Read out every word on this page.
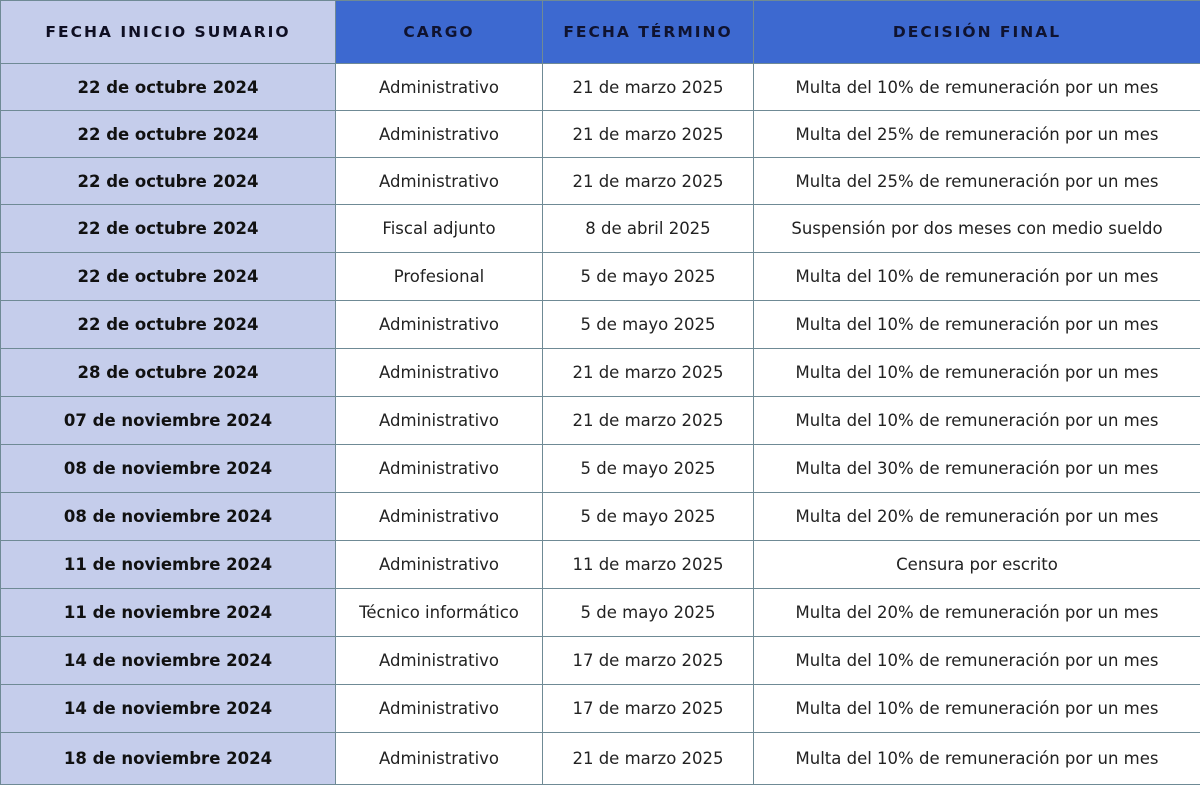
FECHA INICIO SUMARIO	CARGO	FECHA TÉRMINO	DECISIÓN FINAL
22 de octubre 2024	Administrativo	21 de marzo 2025	Multa del 10% de remuneración por un mes
22 de octubre 2024	Administrativo	21 de marzo 2025	Multa del 25% de remuneración por un mes
22 de octubre 2024	Administrativo	21 de marzo 2025	Multa del 25% de remuneración por un mes
22 de octubre 2024	Fiscal adjunto	8 de abril 2025	Suspensión por dos meses con medio sueldo
22 de octubre 2024	Profesional	5 de mayo 2025	Multa del 10% de remuneración por un mes
22 de octubre 2024	Administrativo	5 de mayo 2025	Multa del 10% de remuneración por un mes
28 de octubre 2024	Administrativo	21 de marzo 2025	Multa del 10% de remuneración por un mes
07 de noviembre 2024	Administrativo	21 de marzo 2025	Multa del 10% de remuneración por un mes
08 de noviembre 2024	Administrativo	5 de mayo 2025	Multa del 30% de remuneración por un mes
08 de noviembre 2024	Administrativo	5 de mayo 2025	Multa del 20% de remuneración por un mes
11 de noviembre 2024	Administrativo	11 de marzo 2025	Censura por escrito
11 de noviembre 2024	Técnico informático	5 de mayo 2025	Multa del 20% de remuneración por un mes
14 de noviembre 2024	Administrativo	17 de marzo 2025	Multa del 10% de remuneración por un mes
14 de noviembre 2024	Administrativo	17 de marzo 2025	Multa del 10% de remuneración por un mes
18 de noviembre 2024	Administrativo	21 de marzo 2025	Multa del 10% de remuneración por un mes
